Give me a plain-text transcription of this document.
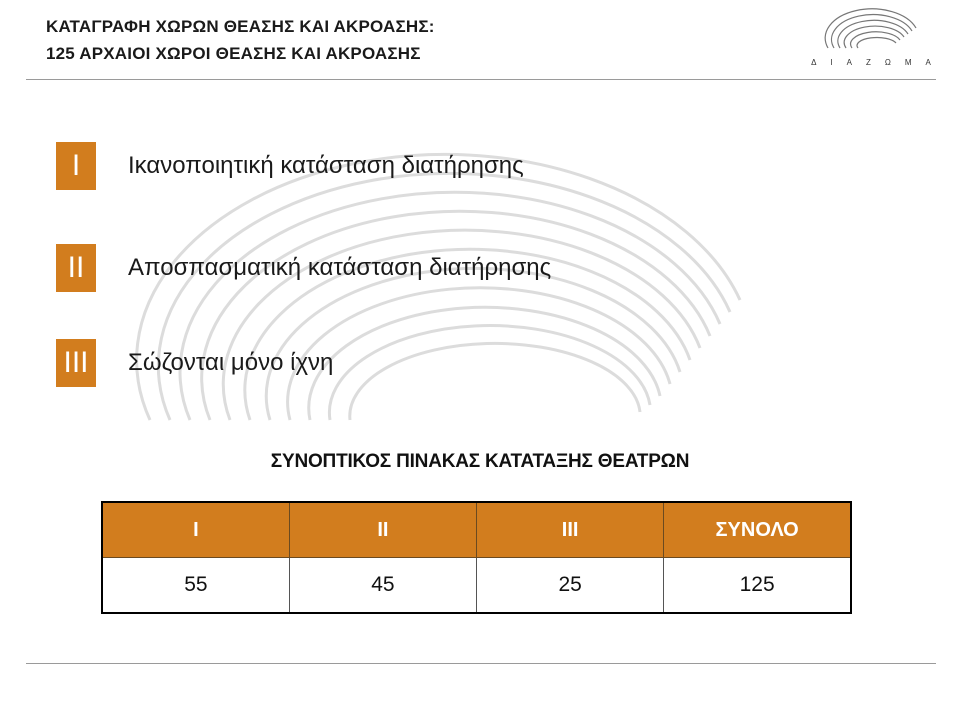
ΚΑΤΑΓΡΑΦΗ ΧΩΡΩΝ ΘΕΑΣΗΣ ΚΑΙ ΑΚΡΟΑΣΗΣ:
125 ΑΡΧΑΙΟΙ ΧΩΡΟΙ ΘΕΑΣΗΣ ΚΑΙ ΑΚΡΟΑΣΗΣ	ΔΙΑΖΩΜΑ
I	Ικανοποιητική κατάσταση διατήρησης
II	Αποσπασματική κατάσταση διατήρησης
III	Σώζονται μόνο ίχνη
ΣΥΝΟΠΤΙΚΟΣ ΠΙΝΑΚΑΣ ΚΑΤΑΤΑΞΗΣ ΘΕΑΤΡΩΝ
I	II	III	ΣΥΝΟΛΟ
55	45	25	125
